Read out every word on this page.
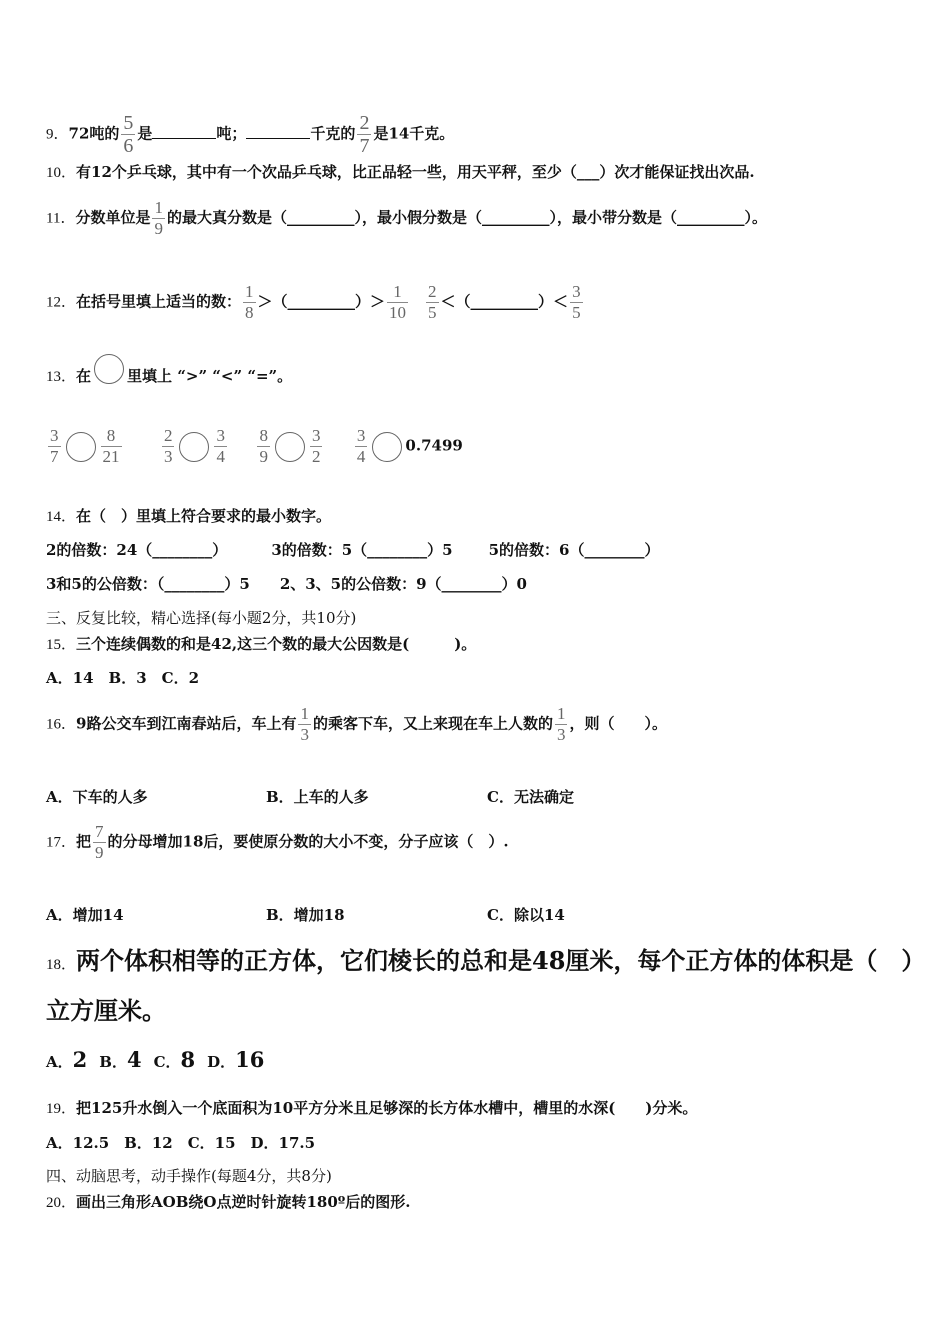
9．72吨的 $\frac{5}{6}$ 是	吨；	千克的 $\frac{2}{7}$ 是14千克。
10．有12个乒乓球，其中有一个次品乒乓球，比正品轻一些，用天平秤，至少（___）次才能保证找出次品.
11．分数单位是 $\frac{1}{9}$ 的最大真分数是（_________），最小假分数是（_________），最小带分数是（_________）。
12．在括号里填上适当的数： $\frac{1}{8}$ ＞（_________）＞ $\frac{1}{10} \frac{2}{5}$ ＜（_________）＜ $\frac{3}{5}$
13．在 里填上 “>” “<” “=”。
$\frac{3}{7} \frac{8}{21}$
$\frac{2}{3} \frac{3}{4}$
$\frac{8}{9} \frac{3}{2}$
$\frac{3}{4}$	0.7499
14．在（　）里填上符合要求的最小数字。
2的倍数：24（________）	3的倍数：5（________）5 5的倍数：6（________）
3和5的公倍数：（________）5 2、3、5的公倍数：9（________）0
三、反复比较，精心选择(每小题2分，共10分)
15．三个连续偶数的和是42,这三个数的最大公因数是(　　　)。
A．14　B．3　C．2
16．9路公交车到江南春站后，车上有 $\frac{1}{3}$ 的乘客下车，又上来现在车上人数的 $\frac{1}{3}$ ，则（　　）。
A．下车的人多	B．上车的人多	C．无法确定
17．把 $\frac{7}{9}$ 的分母增加18后，要使原分数的大小不变，分子应该（　）.
A．增加14	B．增加18	C．除以14
18．两个体积相等的正方体，它们棱长的总和是48厘米，每个正方体的体积是（　）
立方厘米。
A．2 B．4 C．8 D．16
19．把125升水倒入一个底面积为10平方分米且足够深的长方体水槽中，槽里的水深(　　)分米。
A．12.5　B．12　C．15　D．17.5
四、动脑思考，动手操作(每题4分，共8分)
20．画出三角形AOB绕O点逆时针旋转180º后的图形.
